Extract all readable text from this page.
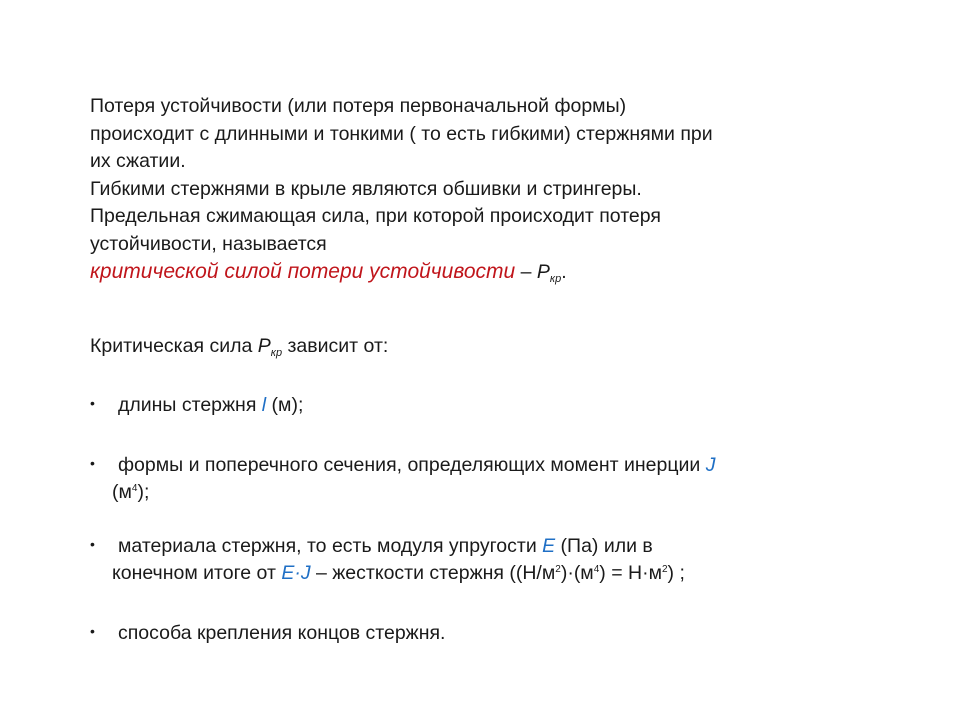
Потеря устойчивости (или потеря первоначальной формы)

происходит с длинными и тонкими ( то есть гибкими) стержнями при

их сжатии.

Гибкими стержнями в крыле являются обшивки и стрингеры.

Предельная сжимающая сила, при которой происходит потеря

устойчивости, называется

критической силой потери устойчивости – $P_{кр}$.

Критическая сила $P_{кр}$ зависит от:

•	длины стержня l (м);
•	формы и поперечного сечения, определяющих момент инерции J
$(м^4)$;
•	материала стержня, то есть модуля упругости E (Па) или в
конечном итоге от E·J – жесткости стержня $((Н/м^2)\cdot(м^4) = Н\cdot м^2)$ ;
•	способа крепления концов стержня.
